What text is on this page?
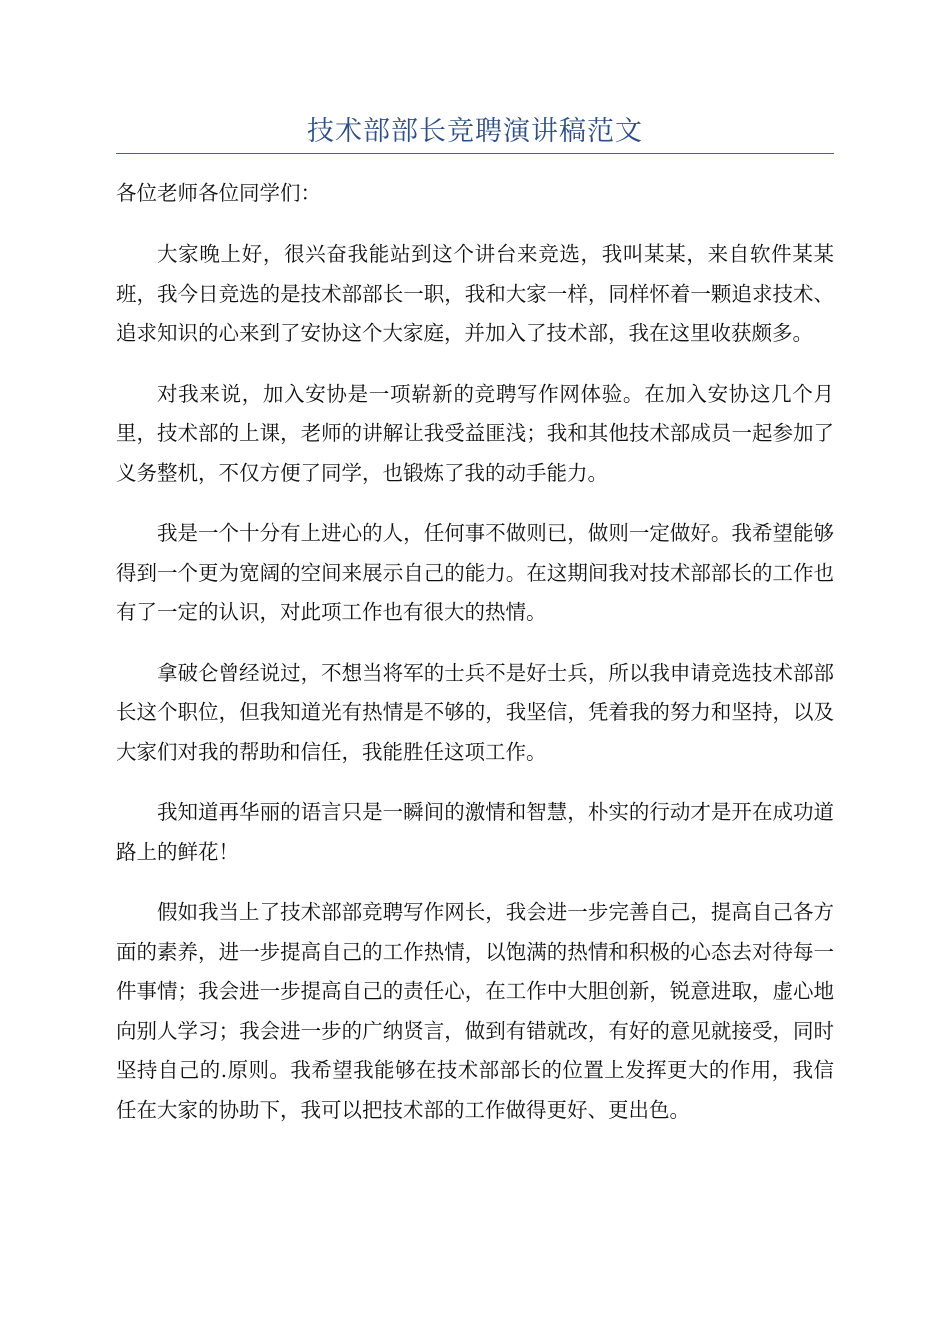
技术部部长竞聘演讲稿范文

各位老师各位同学们：

大家晚上好，很兴奋我能站到这个讲台来竞选，我叫某某，来自软件某某班，我今日竞选的是技术部部长一职，我和大家一样，同样怀着一颗追求技术、追求知识的心来到了安协这个大家庭，并加入了技术部，我在这里收获颇多。

对我来说，加入安协是一项崭新的竞聘写作网体验。在加入安协这几个月里，技术部的上课，老师的讲解让我受益匪浅；我和其他技术部成员一起参加了义务整机，不仅方便了同学，也锻炼了我的动手能力。

我是一个十分有上进心的人，任何事不做则已，做则一定做好。我希望能够得到一个更为宽阔的空间来展示自己的能力。在这期间我对技术部部长的工作也有了一定的认识，对此项工作也有很大的热情。

拿破仑曾经说过，不想当将军的士兵不是好士兵，所以我申请竞选技术部部长这个职位，但我知道光有热情是不够的，我坚信，凭着我的努力和坚持，以及大家们对我的帮助和信任，我能胜任这项工作。

我知道再华丽的语言只是一瞬间的激情和智慧，朴实的行动才是开在成功道路上的鲜花！

假如我当上了技术部部竞聘写作网长，我会进一步完善自己，提高自己各方面的素养，进一步提高自己的工作热情，以饱满的热情和积极的心态去对待每一件事情；我会进一步提高自己的责任心，在工作中大胆创新，锐意进取，虚心地向别人学习；我会进一步的广纳贤言，做到有错就改，有好的意见就接受，同时坚持自己的.原则。我希望我能够在技术部部长的位置上发挥更大的作用，我信任在大家的协助下，我可以把技术部的工作做得更好、更出色。
